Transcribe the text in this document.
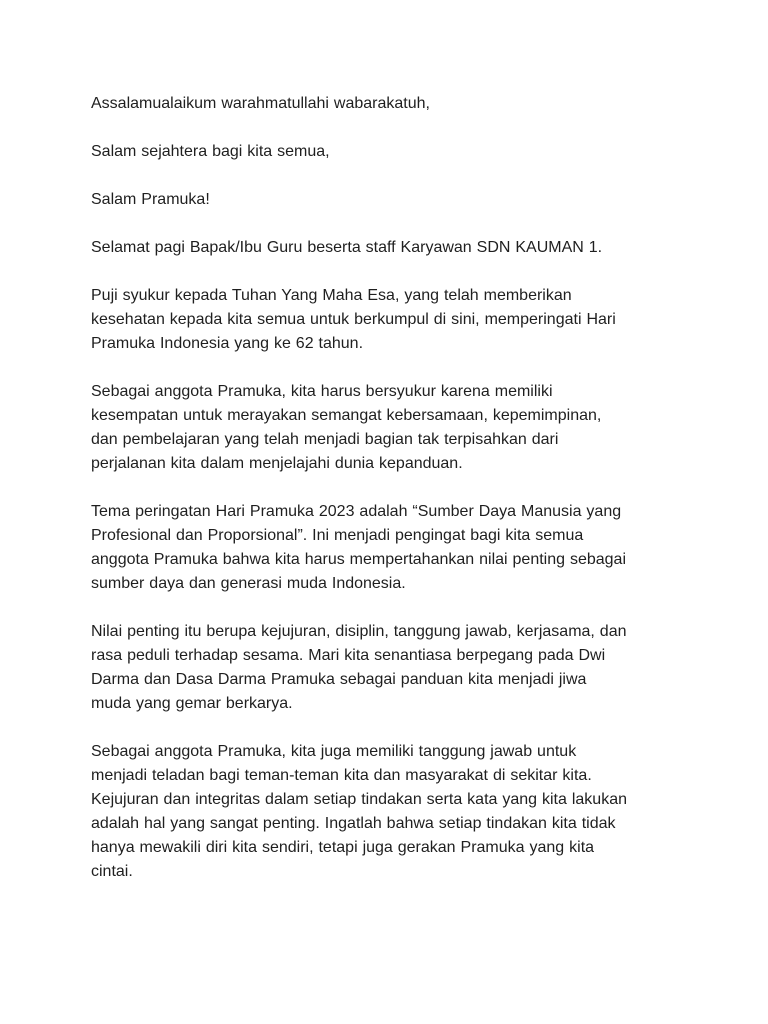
Assalamualaikum warahmatullahi wabarakatuh,
Salam sejahtera bagi kita semua,
Salam Pramuka!
Selamat pagi Bapak/Ibu Guru beserta staff Karyawan SDN KAUMAN 1.
Puji syukur kepada Tuhan Yang Maha Esa, yang telah memberikan
kesehatan kepada kita semua untuk berkumpul di sini, memperingati Hari
Pramuka Indonesia yang ke 62 tahun.
Sebagai anggota Pramuka, kita harus bersyukur karena memiliki
kesempatan untuk merayakan semangat kebersamaan, kepemimpinan,
dan pembelajaran yang telah menjadi bagian tak terpisahkan dari
perjalanan kita dalam menjelajahi dunia kepanduan.
Tema peringatan Hari Pramuka 2023 adalah “Sumber Daya Manusia yang
Profesional dan Proporsional”. Ini menjadi pengingat bagi kita semua
anggota Pramuka bahwa kita harus mempertahankan nilai penting sebagai
sumber daya dan generasi muda Indonesia.
Nilai penting itu berupa kejujuran, disiplin, tanggung jawab, kerjasama, dan
rasa peduli terhadap sesama. Mari kita senantiasa berpegang pada Dwi
Darma dan Dasa Darma Pramuka sebagai panduan kita menjadi jiwa
muda yang gemar berkarya.
Sebagai anggota Pramuka, kita juga memiliki tanggung jawab untuk
menjadi teladan bagi teman-teman kita dan masyarakat di sekitar kita.
Kejujuran dan integritas dalam setiap tindakan serta kata yang kita lakukan
adalah hal yang sangat penting. Ingatlah bahwa setiap tindakan kita tidak
hanya mewakili diri kita sendiri, tetapi juga gerakan Pramuka yang kita
cintai.
